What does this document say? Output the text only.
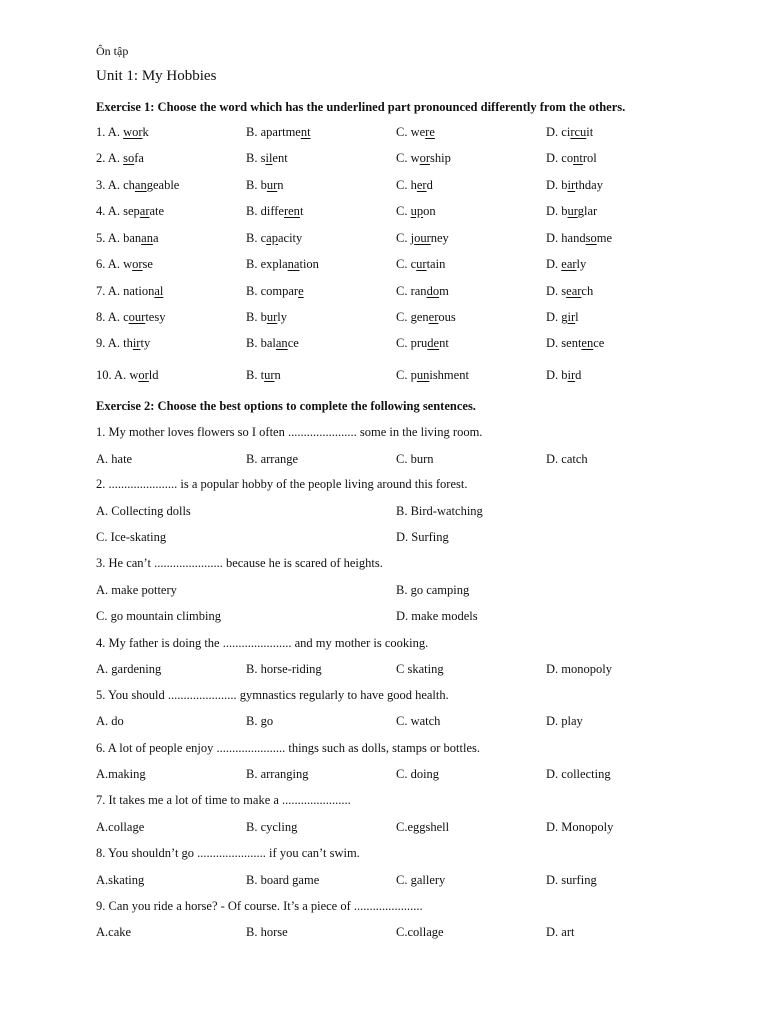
Ôn tập
Unit 1: My Hobbies
Exercise 1: Choose the word which has the underlined part pronounced differently from the others.
1. A. work	B. apartment	C. were	D. circuit
2. A. sofa	B. silent	C. worship	D. control
3. A. changeable	B. burn	C. herd	D. birthday
4. A. separate	B. different	C. upon	D. burglar
5. A. banana	B. capacity	C. journey	D. handsome
6. A. worse	B. explanation	C. curtain	D. early
7. A. national	B. compare	C. random	D. search
8. A. courtesy	B. burly	C. generous	D. girl
9. A. thirty	B. balance	C. prudent	D. sentence
10. A. world	B. turn	C. punishment	D. bird
Exercise 2: Choose the best options to complete the following sentences.
1. My mother loves flowers so I often ...................... some in the living room.
A. hate	B. arrange	C. burn	D. catch
2. ...................... is a popular hobby of the people living around this forest.
A. Collecting dolls	B. Bird-watching
C. Ice-skating	D. Surfing
3. He can’t ...................... because he is scared of heights.
A. make pottery	B. go camping
C. go mountain climbing	D. make models
4. My father is doing the ...................... and my mother is cooking.
A. gardening	B. horse-riding	C skating	D. monopoly
5. You should ...................... gymnastics regularly to have good health.
A. do	B. go	C. watch	D. play
6. A lot of people enjoy ...................... things such as dolls, stamps or bottles.
A.making	B. arranging	C. doing	D. collecting
7. It takes me a lot of time to make a ......................
A.collage	B. cycling	C.eggshell	D. Monopoly
8. You shouldn’t go ...................... if you can’t swim.
A.skating	B. board game	C. gallery	D. surfing
9. Can you ride a horse? - Of course. It’s a piece of ......................
A.cake	B. horse	C.collage	D. art
